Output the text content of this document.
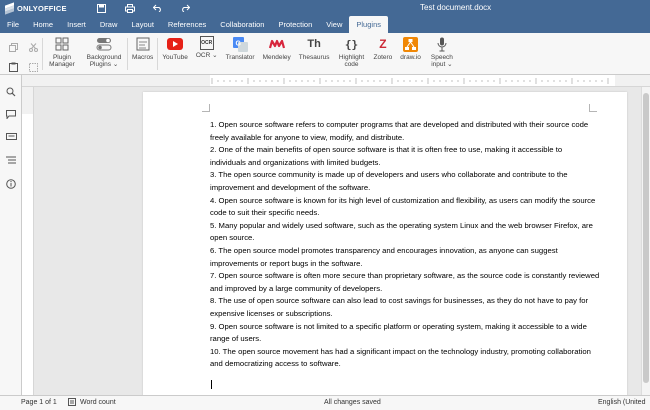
ONLYOFFICE	Test document.docx
File	Home	Insert	Draw	Layout	References	Collaboration	Protection	View	Plugins
Plugin Manager
Background Plugins ⌄
Macros YouTube
OCR
OCR ⌄
G
Translator Mendeley
Th
Thesaurus
{}
Highlight code
Z
Zotero draw.io	Speech input ⌄

1. Open source software refers to computer programs that are developed and distributed with their source code freely available for anyone to view, modify, and distribute.

2. One of the main benefits of open source software is that it is often free to use, making it accessible to individuals and organizations with limited budgets.

3. The open source community is made up of developers and users who collaborate and contribute to the improvement and development of the software.

4. Open source software is known for its high level of customization and flexibility, as users can modify the source code to suit their specific needs.

5. Many popular and widely used software, such as the operating system Linux and the web browser Firefox, are open source.

6. The open source model promotes transparency and encourages innovation, as anyone can suggest improvements or report bugs in the software.

7. Open source software is often more secure than proprietary software, as the source code is constantly reviewed and improved by a large community of developers.

8. The use of open source software can also lead to cost savings for businesses, as they do not have to pay for expensive licenses or subscriptions.

9. Open source software is not limited to a specific platform or operating system, making it accessible to a wide range of users.

10. The open source movement has had a significant impact on the technology industry, promoting collaboration and democratizing access to software.

Page 1 of 1	Word count	All changes saved	English (United
